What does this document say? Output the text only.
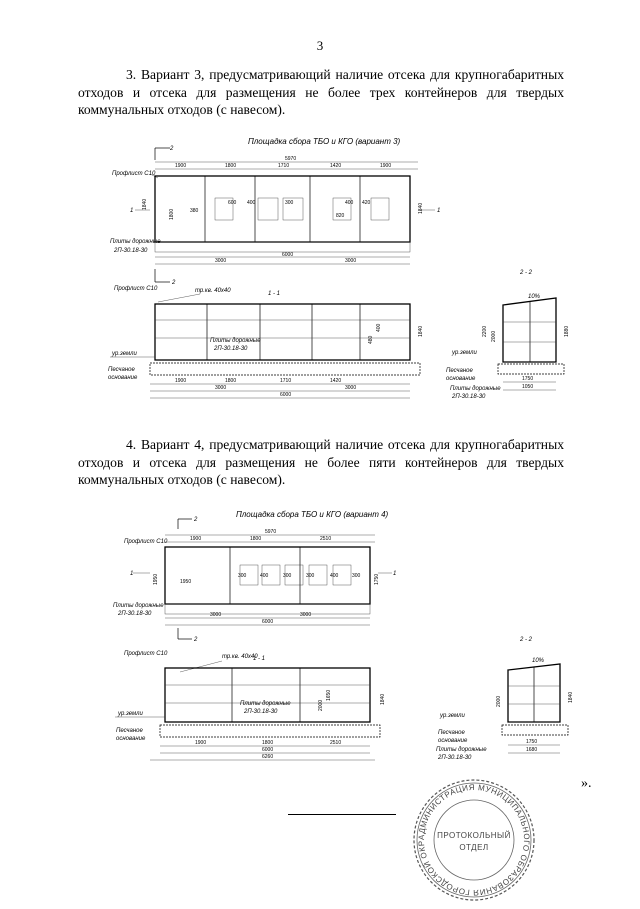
3
3. Вариант 3, предусматривающий наличие отсека для крупногабаритных отходов и отсека для размещения не более трех контейнеров для твердых коммунальных отходов (с навесом).
Площадка сбора ТБО и КГО (вариант 3)
2
Профлист С10
5970
1900	1800	1710	1420	1900
380
600 400	300	400 420
820
1840
1800
1840
1	1
Плиты дорожные
2П-30.18-30
6000
3000	3000
2
1 - 1
Профлист С10	тр.кв. 40х40
Плиты дорожные
2П-30.18-30
480
400	1840
ур.земли
Песчаное
основание	1900	1800	1710	1420
3000	3000
6000
2 - 2
10%
2000
2200	1880
ур.земли
Песчаное
основание
Плиты дорожные
2П-30.18-30
1750
1050
4. Вариант 4, предусматривающий наличие отсека для крупногабаритных отходов и отсека для размещения не более пяти контейнеров для твердых коммунальных отходов (с навесом).
Площадка сбора ТБО и КГО (вариант 4)
2
Профлист С10
5970
1900	1800	2510
300	400	300	300	400	300
1950	1950	1750
1	1
Плиты дорожные
2П-30.18-30	3000	3000
6000
2
1 - 1
Профлист С10	тр.кв. 40х40
Плиты дорожные
2П-30.18-30
2000
1650	1840
ур.земли
Песчаное
основание
1900	1800	2510
6000
6260
2 - 2
10%
2000	1840
ур.земли
Песчаное
основание	1750
Плиты дорожные
2П-30.18-30
1680
».
АДМИНИСТРАЦИЯ МУНИЦИПАЛЬНОГО ОБРАЗОВАНИЯ ГОРОДСКОЙ ОКР
ПРОТОКОЛЬНЫЙ
ОТДЕЛ
